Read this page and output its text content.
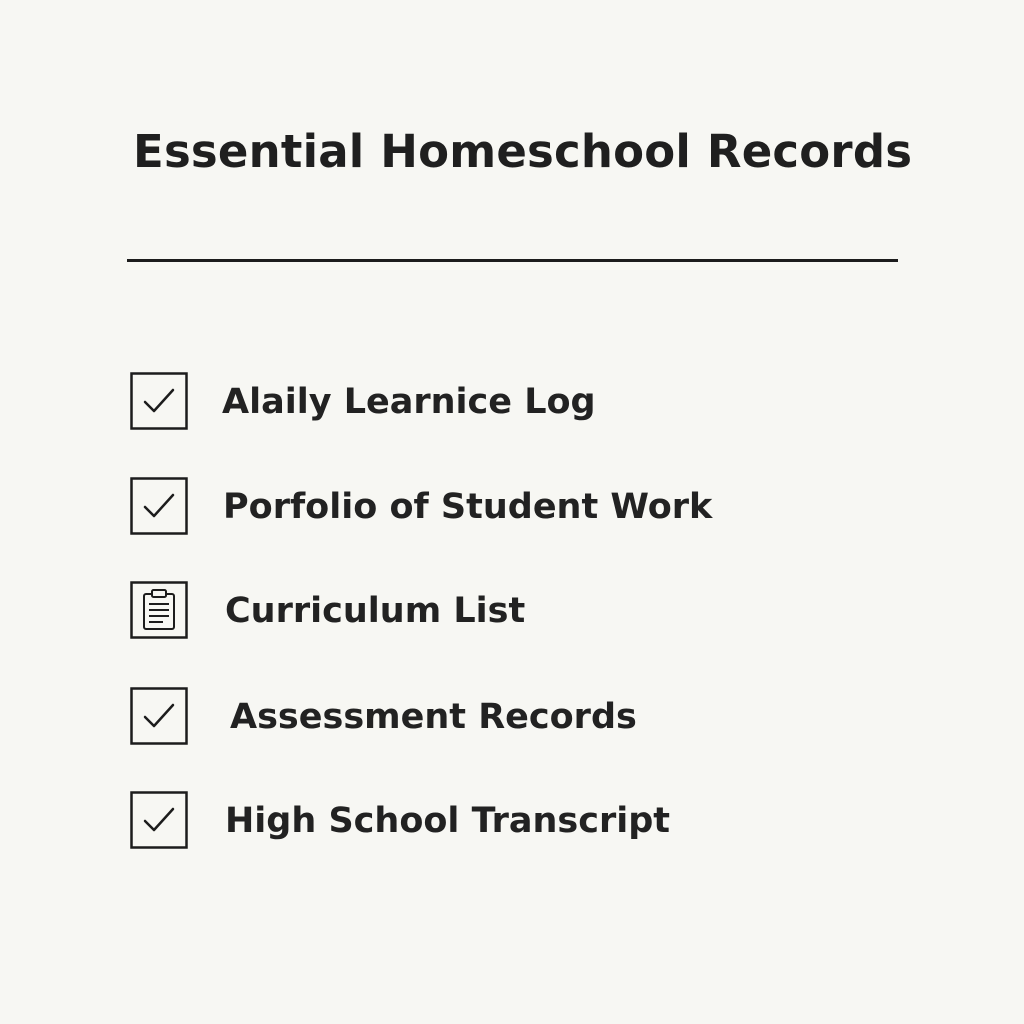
Essential Homeschool Records
Alaily Learnice Log
Porfolio of Student Work
Curriculum List
Assessment Records
High School Transcript
